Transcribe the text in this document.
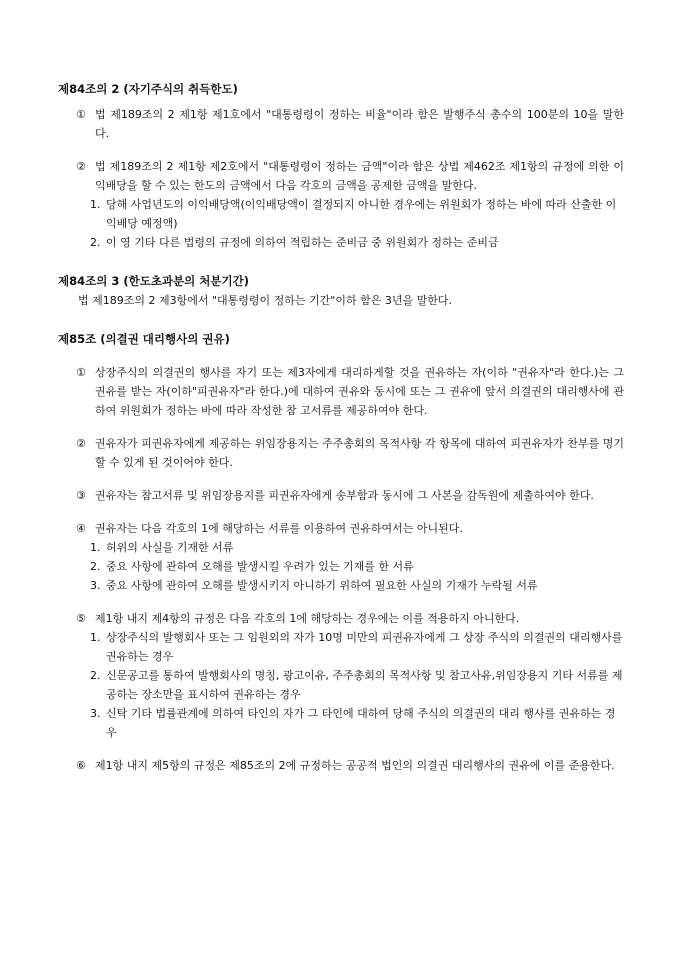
제84조의 2 (자기주식의 취득한도)
① 법 제189조의 2 제1항 제1호에서 "대통령령이 정하는 비율"이라 함은 발행주식 총수의 100분의 10을 말한다.
② 법 제189조의 2 제1항 제2호에서 "대통령령이 정하는 금액"이라 함은 상법 제462조 제1항의 규정에 의한 이익배당을 할 수 있는 한도의 금액에서 다음 각호의 금액을 공제한 금액을 말한다.
1. 당해 사업년도의 이익배당액(이익배당액이 결정되지 아니한 경우에는 위원회가 정하는 바에 따라 산출한 이익배당 예정액)
2. 이 영 기타 다른 법령의 규정에 의하여 적립하는 준비금 중 위원회가 정하는 준비금
제84조의 3 (한도초과분의 처분기간)
법 제189조의 2 제3항에서 "대통령령이 정하는 기간"이하 함은 3년을 말한다.
제85조 (의결권 대리행사의 권유)
① 상장주식의 의결권의 행사를 자기 또는 제3자에게 대리하게할 것을 권유하는 자(이하 "권유자"라 한다.)는 그 권유를 받는 자(이하"피권유자"라 한다.)에 대하여 권유와 동시에 또는 그 권유에 앞서 의결권의 대리행사에 관하여 위원회가 정하는 바에 따라 작성한 참 고서류를 제공하여야 한다.
② 권유자가 피권유자에게 제공하는 위임장용지는 주주총회의 목적사항 각 항목에 대하여 피권유자가 찬부를 명기할 수 있게 된 것이어야 한다.
③ 권유자는 참고서류 및 위임장용지를 피권유자에게 송부함과 동시에 그 사본을 감독원에 제출하여야 한다.
④ 권유자는 다음 각호의 1에 해당하는 서류를 이용하여 권유하여서는 아니된다.
1. 허위의 사실을 기재한 서류
2. 중요 사항에 관하여 오해를 발생시킬 우려가 있는 기재를 한 서류
3. 중요 사항에 관하여 오해를 발생시키지 아니하기 위하여 필요한 사실의 기재가 누락될 서류
⑤ 제1항 내지 제4항의 규정은 다음 각호의 1에 해당하는 경우에는 이를 적용하지 아니한다.
1. 상장주식의 발행회사 또는 그 임원외의 자가 10명 미만의 피권유자에게 그 상장 주식의 의결권의 대리행사를 권유하는 경우
2. 신문공고를 통하여 발행회사의 명칭, 광고이유, 주주총회의 목적사항 및 참고사유,위임장용지 기타 서류를 제공하는 장소만을 표시하여 권유하는 경우
3. 신탁 기타 법률관계에 의하여 타인의 자가 그 타인에 대하여 당해 주식의 의결권의 대리 행사를 권유하는 경우
⑥ 제1항 내지 제5항의 규정은 제85조의 2에 규정하는 공공적 법인의 의결권 대리행사의 권유에 이를 준용한다.
